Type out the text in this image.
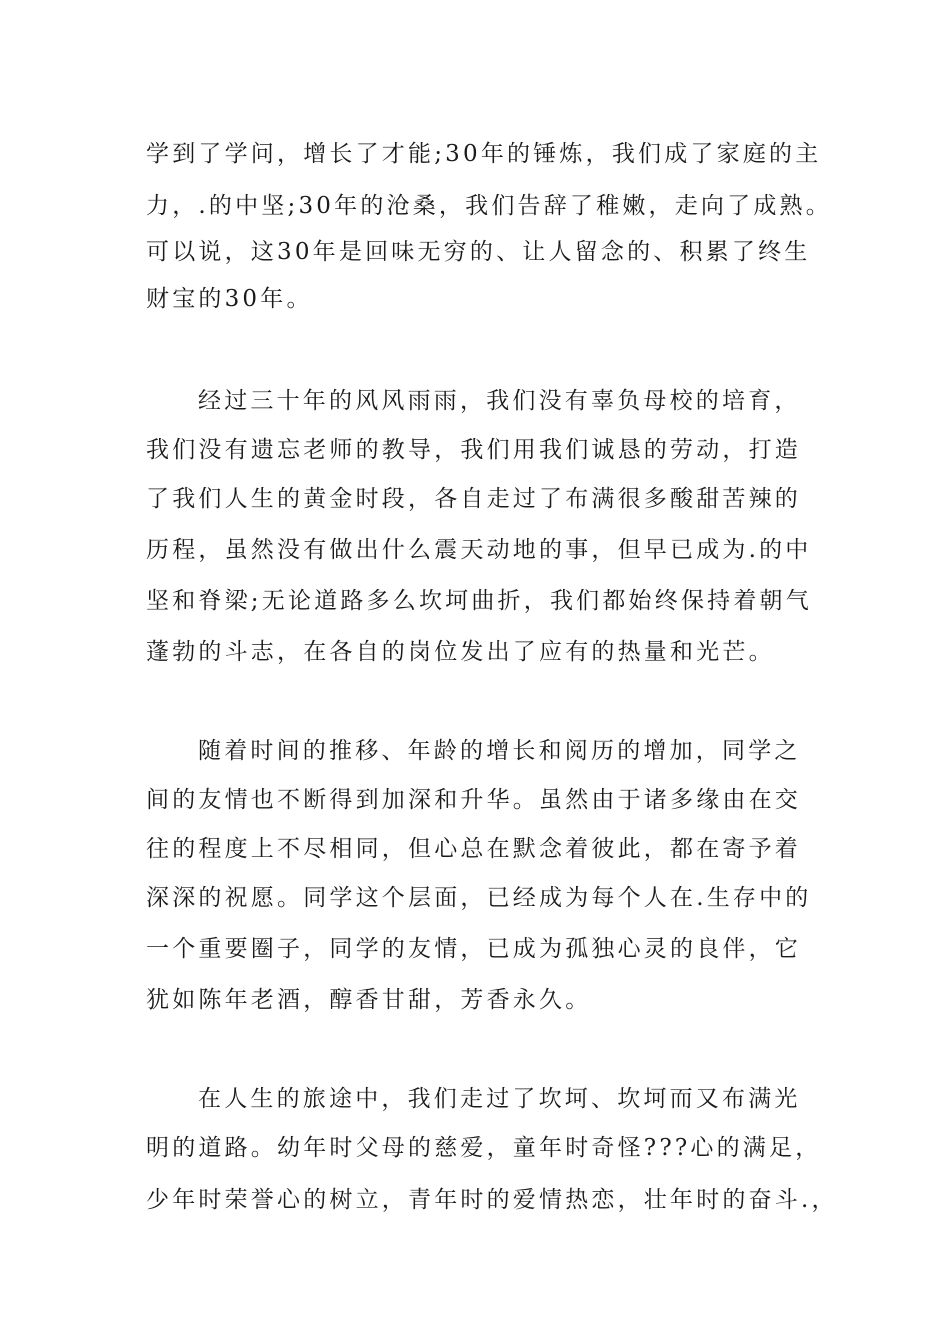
学到了学问，增长了才能;30年的锤炼，我们成了家庭的主
力，.的中坚;30年的沧桑，我们告辞了稚嫩，走向了成熟。
可以说，这30年是回味无穷的、让人留念的、积累了终生
财宝的30年。
经过三十年的风风雨雨，我们没有辜负母校的培育，
我们没有遗忘老师的教导，我们用我们诚恳的劳动，打造
了我们人生的黄金时段，各自走过了布满很多酸甜苦辣的
历程，虽然没有做出什么震天动地的事，但早已成为.的中
坚和脊梁;无论道路多么坎坷曲折，我们都始终保持着朝气
蓬勃的斗志，在各自的岗位发出了应有的热量和光芒。
随着时间的推移、年龄的增长和阅历的增加，同学之
间的友情也不断得到加深和升华。虽然由于诸多缘由在交
往的程度上不尽相同，但心总在默念着彼此，都在寄予着
深深的祝愿。同学这个层面，已经成为每个人在.生存中的
一个重要圈子，同学的友情，已成为孤独心灵的良伴，它
犹如陈年老酒，醇香甘甜，芳香永久。
在人生的旅途中，我们走过了坎坷、坎坷而又布满光
明的道路。幼年时父母的慈爱，童年时奇怪???心的满足，
少年时荣誉心的树立，青年时的爱情热恋，壮年时的奋斗.，
